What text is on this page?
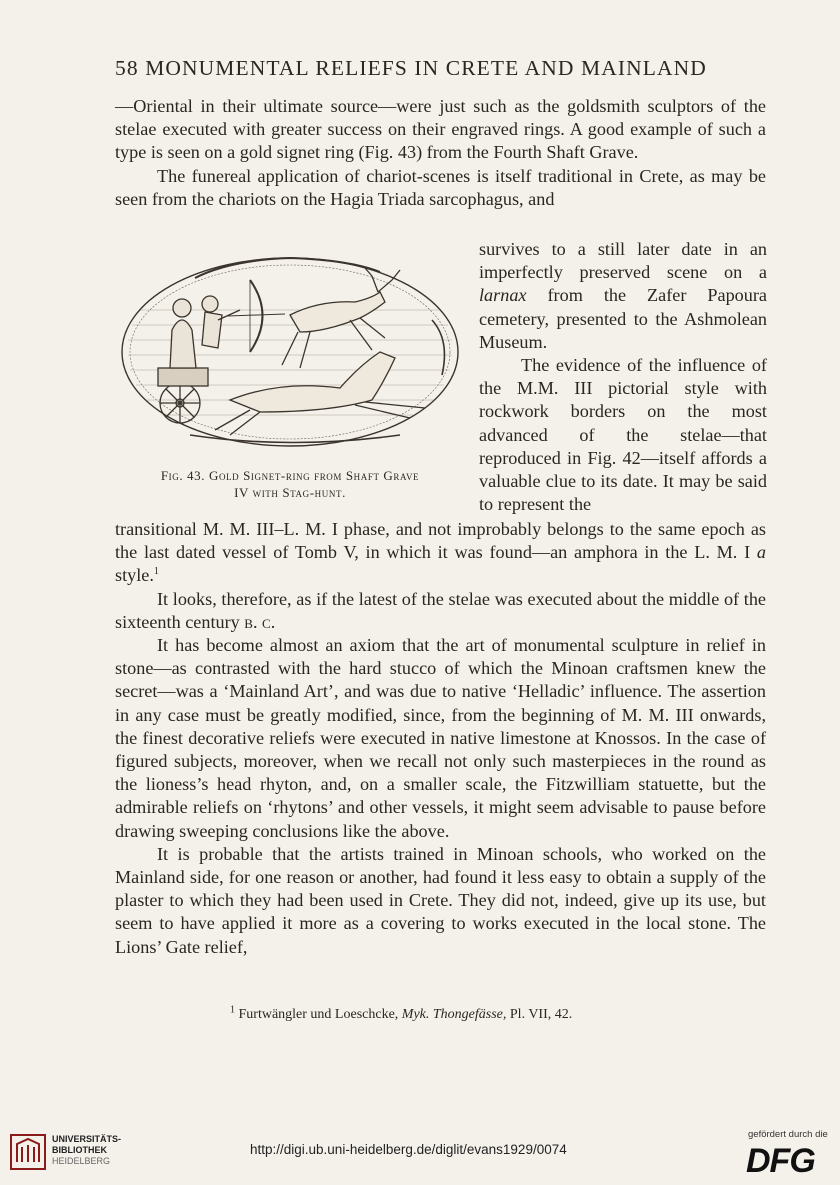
58 MONUMENTAL RELIEFS IN CRETE AND MAINLAND

—Oriental in their ultimate source—were just such as the goldsmith sculptors of the stelae executed with greater success on their engraved rings. A good example of such a type is seen on a gold signet ring (Fig. 43) from the Fourth Shaft Grave.

The funereal application of chariot-scenes is itself traditional in Crete, as may be seen from the chariots on the Hagia Triada sarcophagus, and

Fig. 43. Gold Signet-ring from Shaft Grave
IV with Stag-hunt.

survives to a still later date in an imperfectly preserved scene on a larnax from the Zafer Papoura cemetery, presented to the Ashmolean Museum.

The evidence of the influence of the M.M. III pictorial style with rockwork borders on the most advanced of the stelae—that reproduced in Fig. 42—itself affords a valuable clue to its date. It may be said to represent the

transitional M. M. III–L. M. I phase, and not improbably belongs to the same epoch as the last dated vessel of Tomb V, in which it was found—an amphora in the L. M. I a style.$^1$

It looks, therefore, as if the latest of the stelae was executed about the middle of the sixteenth century b. c.

It has become almost an axiom that the art of monumental sculpture in relief in stone—as contrasted with the hard stucco of which the Minoan craftsmen knew the secret—was a ‘Mainland Art’, and was due to native ‘Helladic’ influence. The assertion in any case must be greatly modified, since, from the beginning of M. M. III onwards, the finest decorative reliefs were executed in native limestone at Knossos. In the case of figured subjects, moreover, when we recall not only such masterpieces in the round as the lioness’s head rhyton, and, on a smaller scale, the Fitzwilliam statuette, but the admirable reliefs on ‘rhytons’ and other vessels, it might seem advisable to pause before drawing sweeping conclusions like the above.

It is probable that the artists trained in Minoan schools, who worked on the Mainland side, for one reason or another, had found it less easy to obtain a supply of the plaster to which they had been used in Crete. They did not, indeed, give up its use, but seem to have applied it more as a covering to works executed in the local stone. The Lions’ Gate relief,

$^1$ Furtwängler und Loeschcke, Myk. Thongefässe, Pl. VII, 42.
UNIVERSITÄTS-
BIBLIOTHEK
HEIDELBERG
http://digi.ub.uni-heidelberg.de/diglit/evans1929/0074
gefördert durch die
DFG
